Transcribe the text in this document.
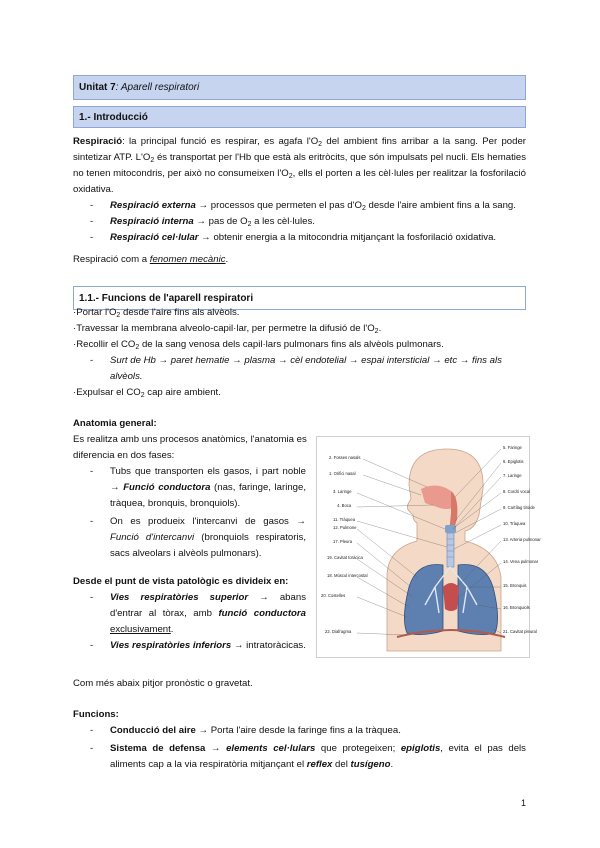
Unitat 7 : Aparell respiratori
1.- Introducció
Respiració: la principal funció es respirar, es agafa $l'O_2$ del ambient fins arribar a la sang. Per poder sintetizar ATP. $L'O_2$ és transportat per l'Hb que està als eritròcits, que són impulsats pel nucli. Els hematies no tenen mitocondris, per això no consumeixen $l'O_2$, ells el porten a les cèl·lules per realitzar la fosforilació oxidativa.
- Respiració externa → processos que permeten el pas $d'O_2$ desde l'aire ambient fins a la sang.
- Respiració interna → pas de $O_2$ a les cèl·lules.
- Respiració cel·lular → obtenir energia a la mitocondria mitjançant la fosforilació oxidativa.
Respiració com a fenomen mecànic.
1.1.- Funcions de l'aparell respiratori
·Portar $l'O_2$ desde l'aire fins als alvèols.
·Travessar la membrana alveolo-capil·lar, per permetre la difusió de $l'O_2$.
·Recollir el $CO_2$ de la sang venosa dels capil·lars pulmonars fins als alvèols pulmonars.
- Surt de Hb → paret hematie → plasma → cèl endotelial → espai intersticial → etc → fins als alvèols.
·Expulsar el $CO_2$ cap aire ambient.
Anatomia general:
Es realitza amb uns procesos anatòmics, l'anatomia es diferencia en dos fases:
- Tubs que transporten els gasos, i part noble → Funció conductora (nas, faringe, laringe, tràquea, bronquis, bronquiols).
- On es produeix l'intercanvi de gasos → Funció d'intercanvi (bronquiols respiratoris, sacs alveolars i alvèols pulmonars).
Desde el punt de vista patològic es divideix en:
- Vies respiratòries superior → abans d'entrar al tòrax, amb funció conductora exclusivament.
- Vies respiratòries inferiors → intratoràcicas.
Com més abaix pitjor pronòstic o gravetat.
Funcions:
- Conducció del aire → Porta l'aire desde la faringe fins a la tràquea.
- Sistema de defensa → elements cel·lulars que protegeixen; epiglotis, evita el pas dels aliments cap a la via respiratòria mitjançant el reflex del tusígeno.
2. Fosses nasals
1. Orifici nasal
3. Laringe
4. Boca
11. Tràquea
12. Pulmone
17. Pleura
19. Cavitat toràcica
18. Múscul intercostal
20. Costelles
22. Diafragma
5. Faringe
6. Epiglotis
7. Laringe
8. Cordó vocal
9. Cartílag tiroide
10. Tràquea
13. Arteria pulmonar
14. Vena pulmonar
15. Bronquis
16. Bronquiols
21. Cavitat pleural
1
